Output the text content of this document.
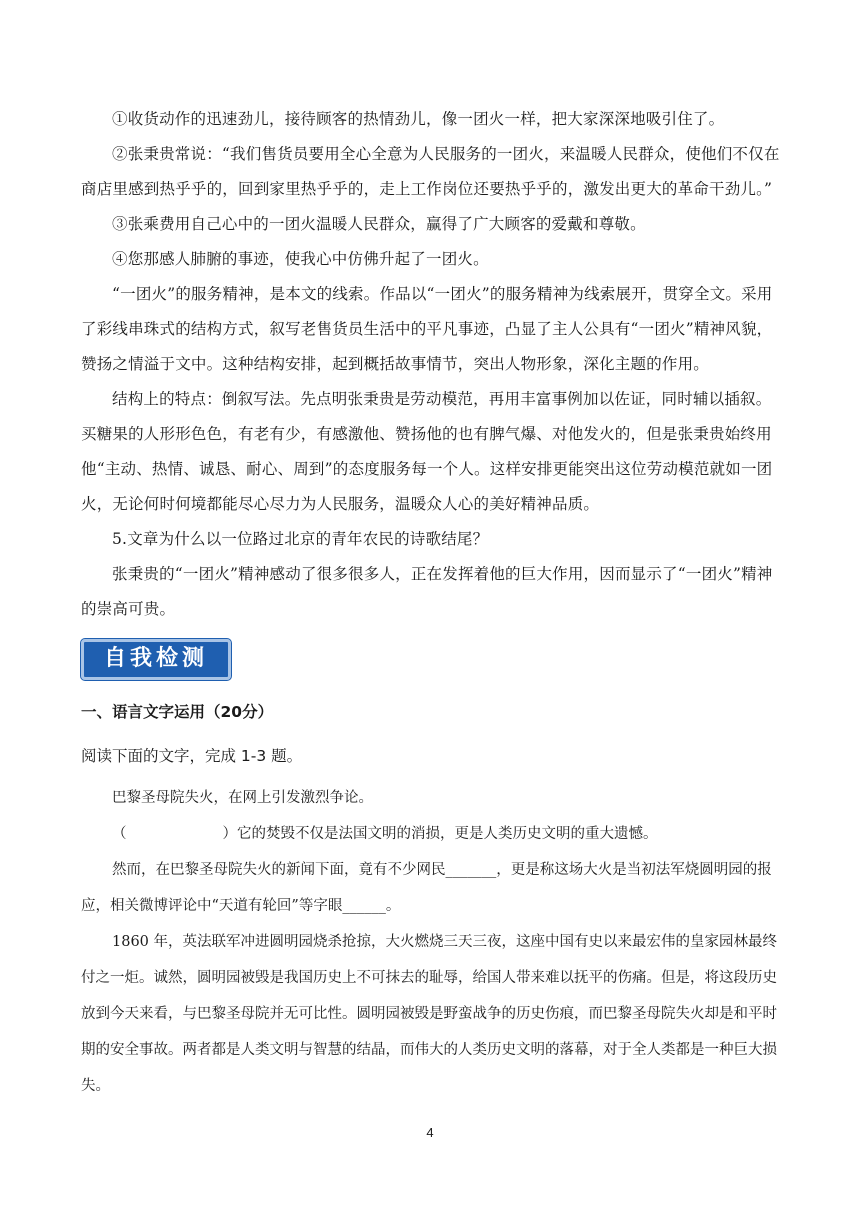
①收货动作的迅速劲儿，接待顾客的热情劲儿，像一团火一样，把大家深深地吸引住了。

②张秉贵常说：“我们售货员要用全心全意为人民服务的一团火，来温暖人民群众，使他们不仅在商店里感到热乎乎的，回到家里热乎乎的，走上工作岗位还要热乎乎的，激发出更大的革命干劲儿。”

③张乘费用自己心中的一团火温暖人民群众，赢得了广大顾客的爱戴和尊敬。

④您那感人肺腑的事迹，使我心中仿佛升起了一团火。

“一团火”的服务精神，是本文的线索。作品以“一团火”的服务精神为线索展开，贯穿全文。采用了彩线串珠式的结构方式，叙写老售货员生活中的平凡事迹，凸显了主人公具有“一团火”精神风貌，赞扬之情溢于文中。这种结构安排，起到概括故事情节，突出人物形象，深化主题的作用。

结构上的特点：倒叙写法。先点明张秉贵是劳动模范，再用丰富事例加以佐证，同时辅以插叙。买糖果的人形形色色，有老有少，有感激他、赞扬他的也有脾气爆、对他发火的，但是张秉贵始终用他“主动、热情、诚恳、耐心、周到”的态度服务每一个人。这样安排更能突出这位劳动模范就如一团火，无论何时何境都能尽心尽力为人民服务，温暖众人心的美好精神品质。

5.文章为什么以一位路过北京的青年农民的诗歌结尾？

张秉贵的“一团火”精神感动了很多很多人，正在发挥着他的巨大作用，因而显示了“一团火”精神的崇高可贵。

自我检测
一、语言文字运用（20分）
阅读下面的文字，完成 1-3 题。

巴黎圣母院失火，在网上引发激烈争论。

（	）它的焚毁不仅是法国文明的消损，更是人类历史文明的重大遗憾。

然而，在巴黎圣母院失火的新闻下面，竟有不少网民_______，更是称这场大火是当初法军烧圆明园的报应，相关微博评论中“天道有轮回”等字眼______。

1860 年，英法联军冲进圆明园烧杀抢掠，大火燃烧三天三夜，这座中国有史以来最宏伟的皇家园林最终付之一炬。诚然，圆明园被毁是我国历史上不可抹去的耻辱，给国人带来难以抚平的伤痛。但是，将这段历史放到今天来看，与巴黎圣母院并无可比性。圆明园被毁是野蛮战争的历史伤痕，而巴黎圣母院失火却是和平时期的安全事故。两者都是人类文明与智慧的结晶，而伟大的人类历史文明的落幕，对于全人类都是一种巨大损失。

4
